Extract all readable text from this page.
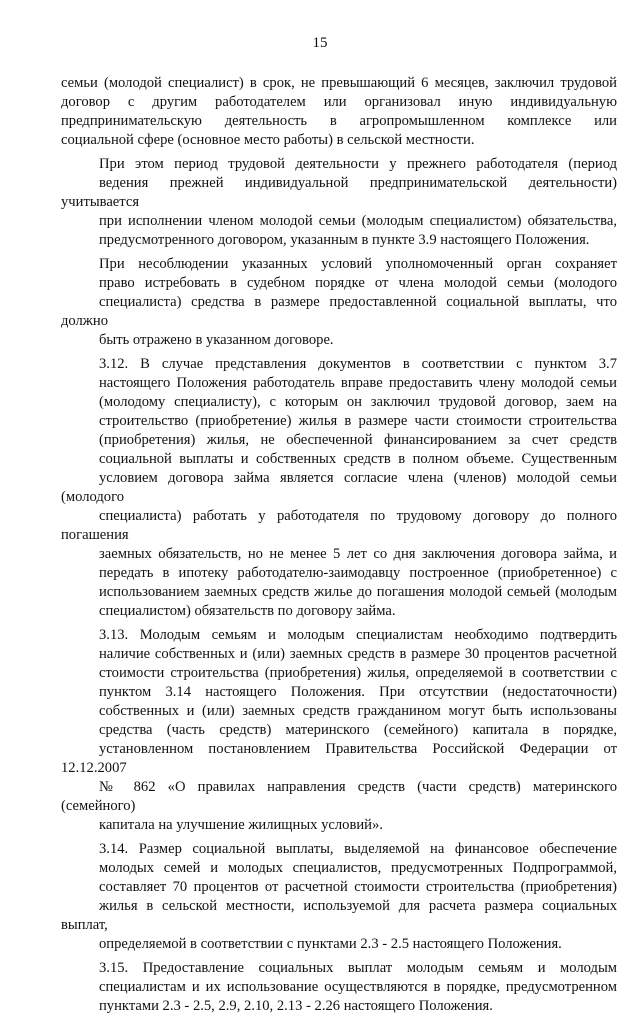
15
семьи (молодой специалист) в срок, не превышающий 6 месяцев, заключил трудовой
договор с другим работодателем или организовал иную индивидуальную
предпринимательскую деятельность в агропромышленном комплексе или
социальной сфере (основное место работы) в сельской местности.
При этом период трудовой деятельности у прежнего работодателя (период
ведения прежней индивидуальной предпринимательской деятельности) учитывается
при исполнении членом молодой семьи (молодым специалистом) обязательства,
предусмотренного договором, указанным в пункте 3.9 настоящего Положения.
При несоблюдении указанных условий уполномоченный орган сохраняет
право истребовать в судебном порядке от члена молодой семьи (молодого
специалиста) средства в размере предоставленной социальной выплаты, что должно
быть отражено в указанном договоре.
3.12. В случае представления документов в соответствии с пунктом 3.7
настоящего Положения работодатель вправе предоставить члену молодой семьи
(молодому специалисту), с которым он заключил трудовой договор, заем на
строительство (приобретение) жилья в размере части стоимости строительства
(приобретения) жилья, не обеспеченной финансированием за счет средств
социальной выплаты и собственных средств в полном объеме. Существенным
условием договора займа является согласие члена (членов) молодой семьи (молодого
специалиста) работать у работодателя по трудовому договору до полного погашения
заемных обязательств, но не менее 5 лет со дня заключения договора займа, и
передать в ипотеку работодателю-заимодавцу построенное (приобретенное) с
использованием заемных средств жилье до погашения молодой семьей (молодым
специалистом) обязательств по договору займа.
3.13. Молодым семьям и молодым специалистам необходимо подтвердить
наличие собственных и (или) заемных средств в размере 30 процентов расчетной
стоимости строительства (приобретения) жилья, определяемой в соответствии с
пунктом 3.14 настоящего Положения. При отсутствии (недостаточности)
собственных и (или) заемных средств гражданином могут быть использованы
средства (часть средств) материнского (семейного) капитала в порядке,
установленном постановлением Правительства Российской Федерации от 12.12.2007
№ 862 «О правилах направления средств (части средств) материнского (семейного)
капитала на улучшение жилищных условий».
3.14. Размер социальной выплаты, выделяемой на финансовое обеспечение
молодых семей и молодых специалистов, предусмотренных Подпрограммой,
составляет 70 процентов от расчетной стоимости строительства (приобретения)
жилья в сельской местности, используемой для расчета размера социальных выплат,
определяемой в соответствии с пунктами 2.3 - 2.5 настоящего Положения.
3.15. Предоставление социальных выплат молодым семьям и молодым
специалистам и их использование осуществляются в порядке, предусмотренном
пунктами 2.3 - 2.5, 2.9, 2.10, 2.13 - 2.26 настоящего Положения.
